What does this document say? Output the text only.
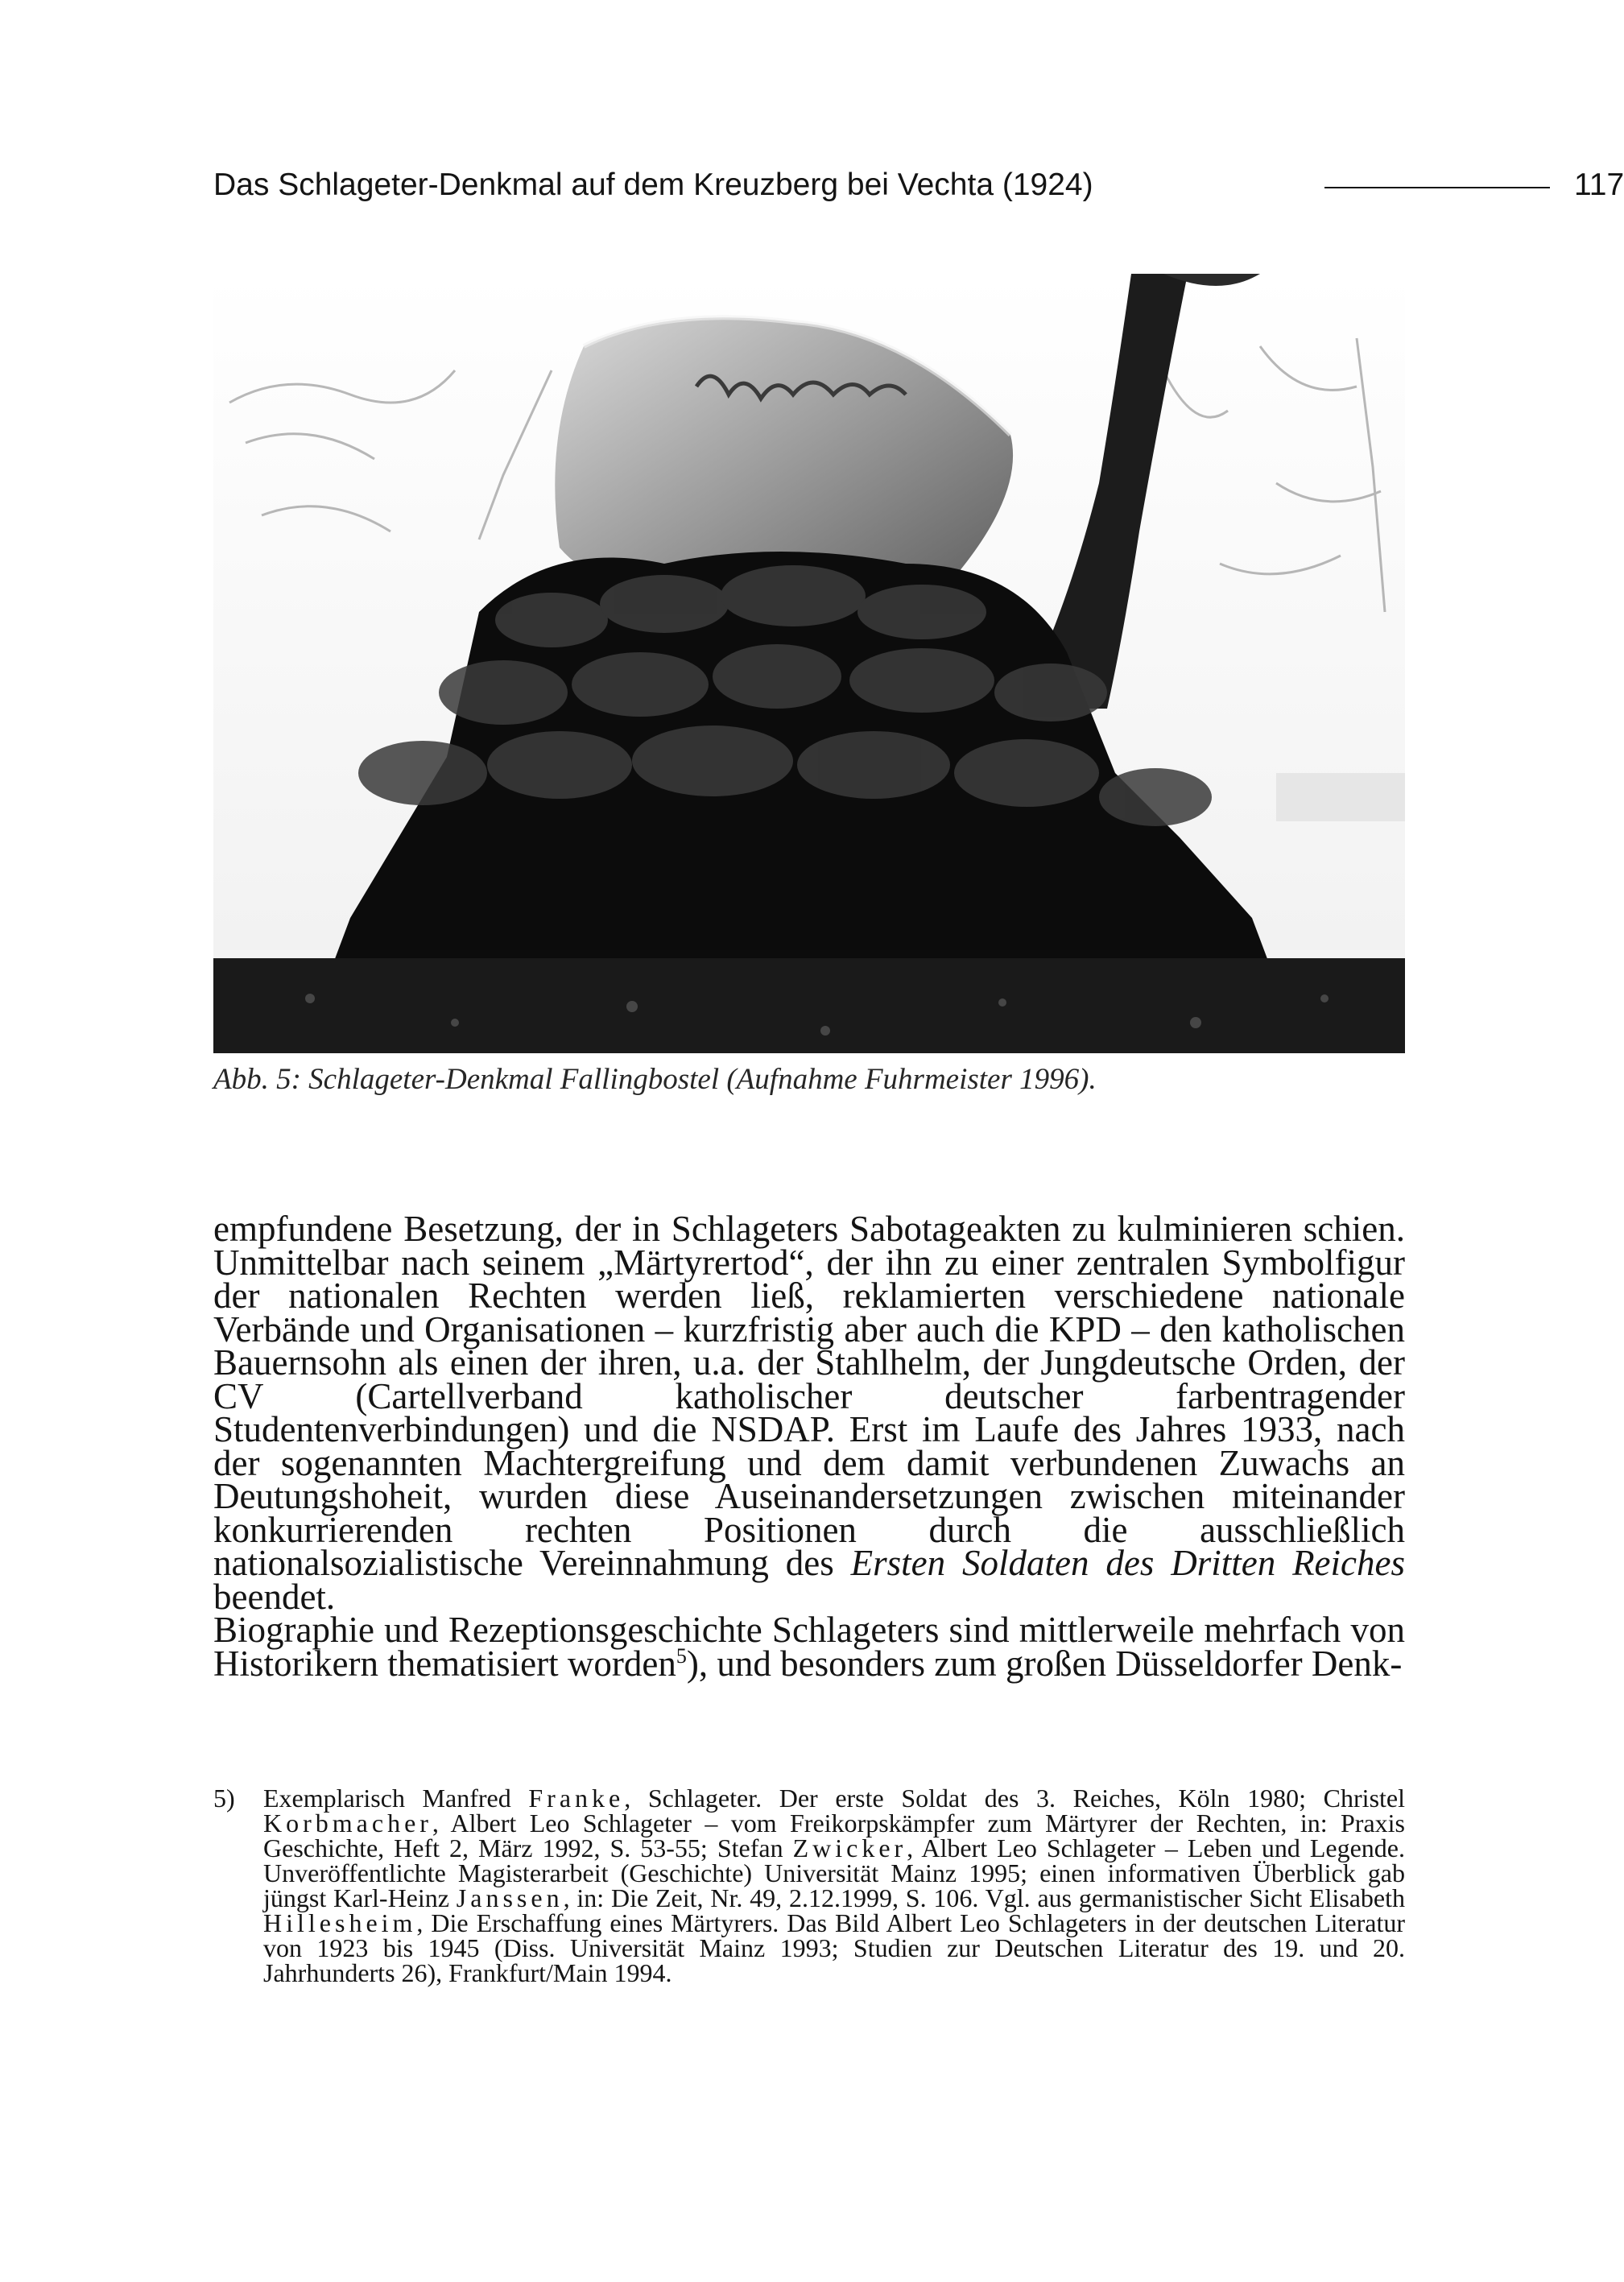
Das Schlageter-Denkmal auf dem Kreuzberg bei Vechta (1924)	117
Abb. 5: Schlageter-Denkmal Fallingbostel (Aufnahme Fuhrmeister 1996).

empfundene Besetzung, der in Schlageters Sabotageakten zu kulminieren schien. Unmittelbar nach seinem „Märtyrertod“, der ihn zu einer zentralen Symbolfigur der nationalen Rechten werden ließ, reklamierten verschiedene nationale Verbände und Organisationen – kurzfristig aber auch die KPD – den katholischen Bauernsohn als einen der ihren, u.a. der Stahlhelm, der Jungdeutsche Orden, der CV (Cartellverband katholischer deutscher farbentragender Studentenverbindungen) und die NSDAP. Erst im Laufe des Jahres 1933, nach der sogenannten Machtergreifung und dem damit verbundenen Zuwachs an Deutungshoheit, wurden diese Auseinandersetzungen zwischen miteinander konkurrierenden rechten Positionen durch die ausschließlich nationalsozialistische Vereinnahmung des Ersten Soldaten des Dritten Reiches beendet.

Biographie und Rezeptionsgeschichte Schlageters sind mittlerweile mehrfach von Historikern thematisiert worden$^5$), und besonders zum großen Düsseldorfer Denk-

5) Exemplarisch Manfred Franke, Schlageter. Der erste Soldat des 3. Reiches, Köln 1980; Christel Korbmacher, Albert Leo Schlageter – vom Freikorpskämpfer zum Märtyrer der Rechten, in: Praxis Geschichte, Heft 2, März 1992, S. 53-55; Stefan Zwicker, Albert Leo Schlageter – Leben und Legende. Unveröffentlichte Magisterarbeit (Geschichte) Universität Mainz 1995; einen informativen Überblick gab jüngst Karl-Heinz Janssen, in: Die Zeit, Nr. 49, 2.12.1999, S. 106. Vgl. aus germanistischer Sicht Elisabeth Hillesheim, Die Erschaffung eines Märtyrers. Das Bild Albert Leo Schlageters in der deutschen Literatur von 1923 bis 1945 (Diss. Universität Mainz 1993; Studien zur Deutschen Literatur des 19. und 20. Jahrhunderts 26), Frankfurt/Main 1994.
